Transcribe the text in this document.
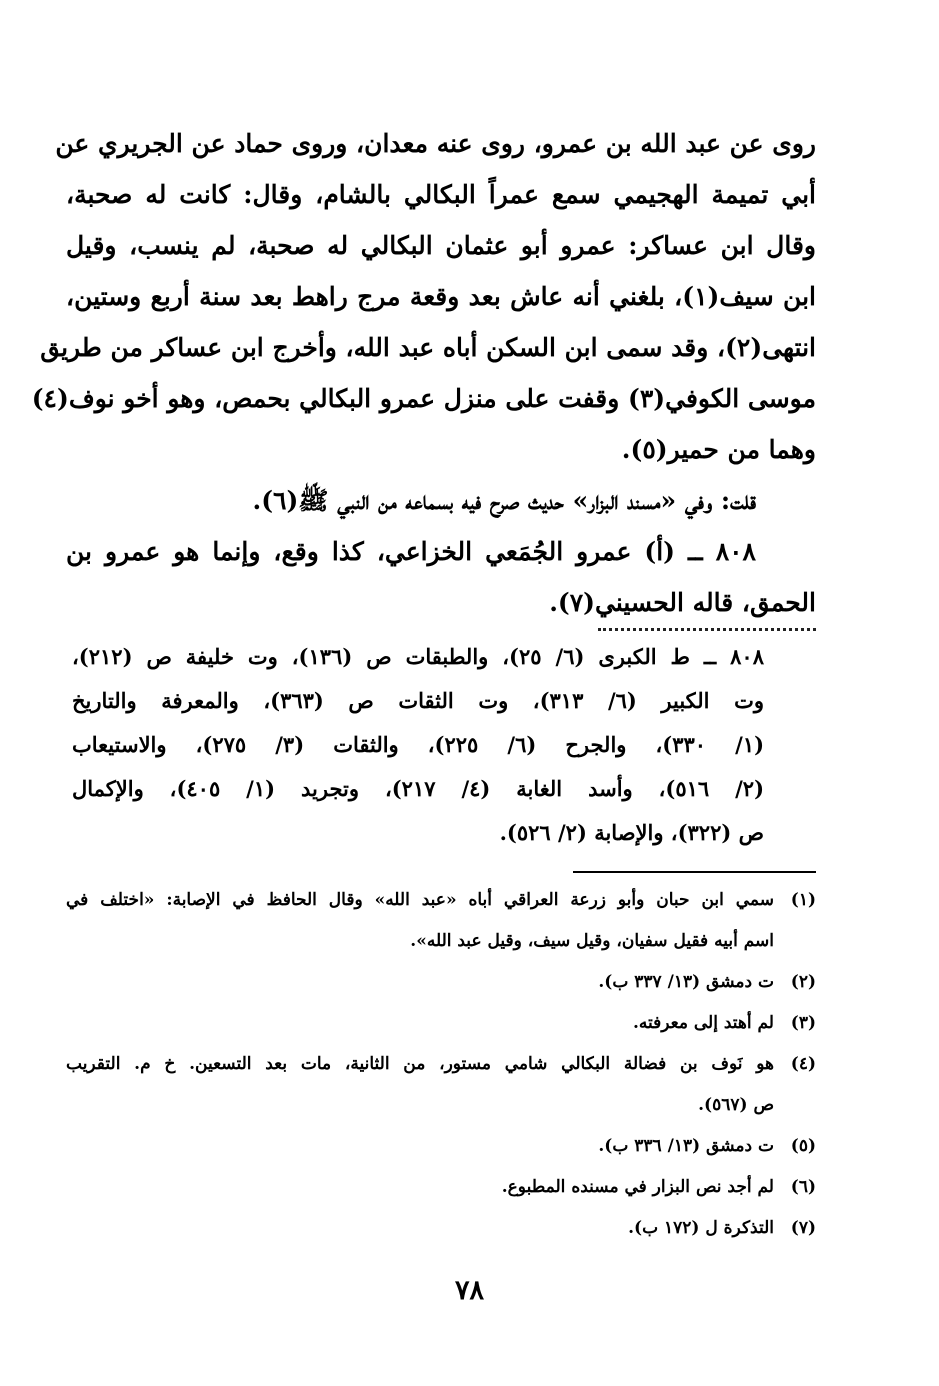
روى عن عبد الله بن عمرو، روى عنه معدان، وروى حماد عن الجريري عن
أبي تميمة الهجيمي سمع عمراً البكالي بالشام، وقال: كانت له صحبة،
وقال ابن عساكر: عمرو أبو عثمان البكالي له صحبة، لم ينسب، وقيل
ابن سيف(١)، بلغني أنه عاش بعد وقعة مرج راهط بعد سنة أربع وستين،
انتهى(٢)، وقد سمى ابن السكن أباه عبد الله، وأخرج ابن عساكر من طريق
موسى الكوفي(٣) وقفت على منزل عمرو البكالي بحمص، وهو أخو نوف(٤)
وهما من حمير(٥).
قلت: وفي «مسند البزار» حديث صرح فيه بسماعه من النبي ﷺ(٦).
٨٠٨ ــ (أ) عمرو الجُمَعي الخزاعي، كذا وقع، وإنما هو عمرو بن
الحمق، قاله الحسيني(٧).
٨٠٨ ــ ط الكبرى (٦/ ٢٥)، والطبقات ص (١٣٦)، وت خليفة ص (٢١٢)،
وت الكبير (٦/ ٣١٣)، وت الثقات ص (٣٦٣)، والمعرفة والتاريخ
(١/ ٣٣٠)، والجرح (٦/ ٢٢٥)، والثقات (٣/ ٢٧٥)، والاستيعاب
(٢/ ٥١٦)، وأسد الغابة (٤/ ٢١٧)، وتجريد (١/ ٤٠٥)، والإكمال
ص (٣٢٢)، والإصابة (٢/ ٥٢٦).
(١)
سمي ابن حبان وأبو زرعة العراقي أباه «عبد الله» وقال الحافظ في الإصابة: «اختلف في
اسم أبيه فقيل سفيان، وقيل سيف، وقيل عبد الله».
(٢)
ت دمشق (١٣/ ٣٣٧ ب).
(٣)
لم أهتد إلى معرفته.
(٤)
هو نَوف بن فضالة البكالي شامي مستور، من الثانية، مات بعد التسعين. خ م. التقريب
ص (٥٦٧).
(٥)
ت دمشق (١٣/ ٣٣٦ ب).
(٦)
لم أجد نص البزار في مسنده المطبوع.
(٧)
التذكرة ل (١٧٢ ب).
٧٨
